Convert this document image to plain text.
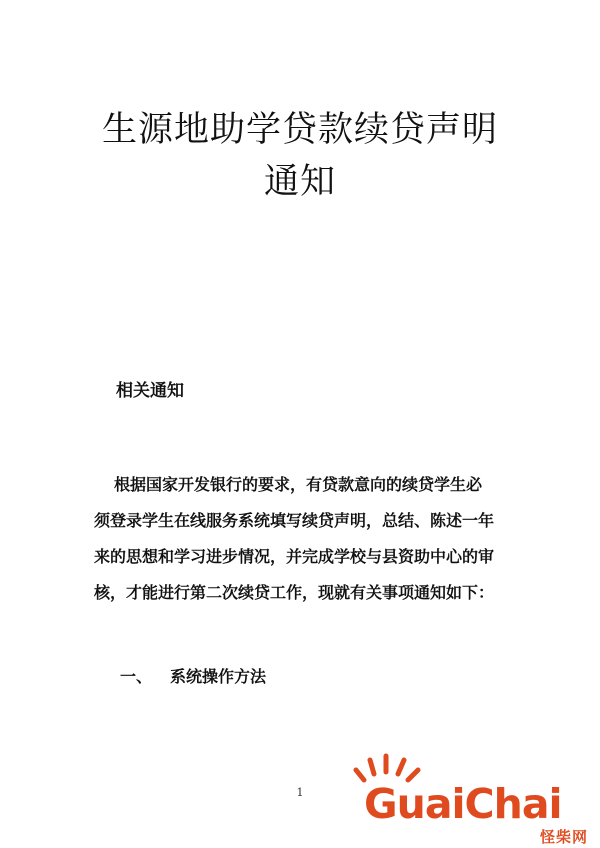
生源地助学贷款续贷声明
通知
相关通知
根据国家开发银行的要求，有贷款意向的续贷学生必
须登录学生在线服务系统填写续贷声明，总结、陈述一年
来的思想和学习进步情况，并完成学校与县资助中心的审
核，才能进行第二次续贷工作，现就有关事项通知如下：
一、 系统操作方法
1	GuaiChai
怪柴网
